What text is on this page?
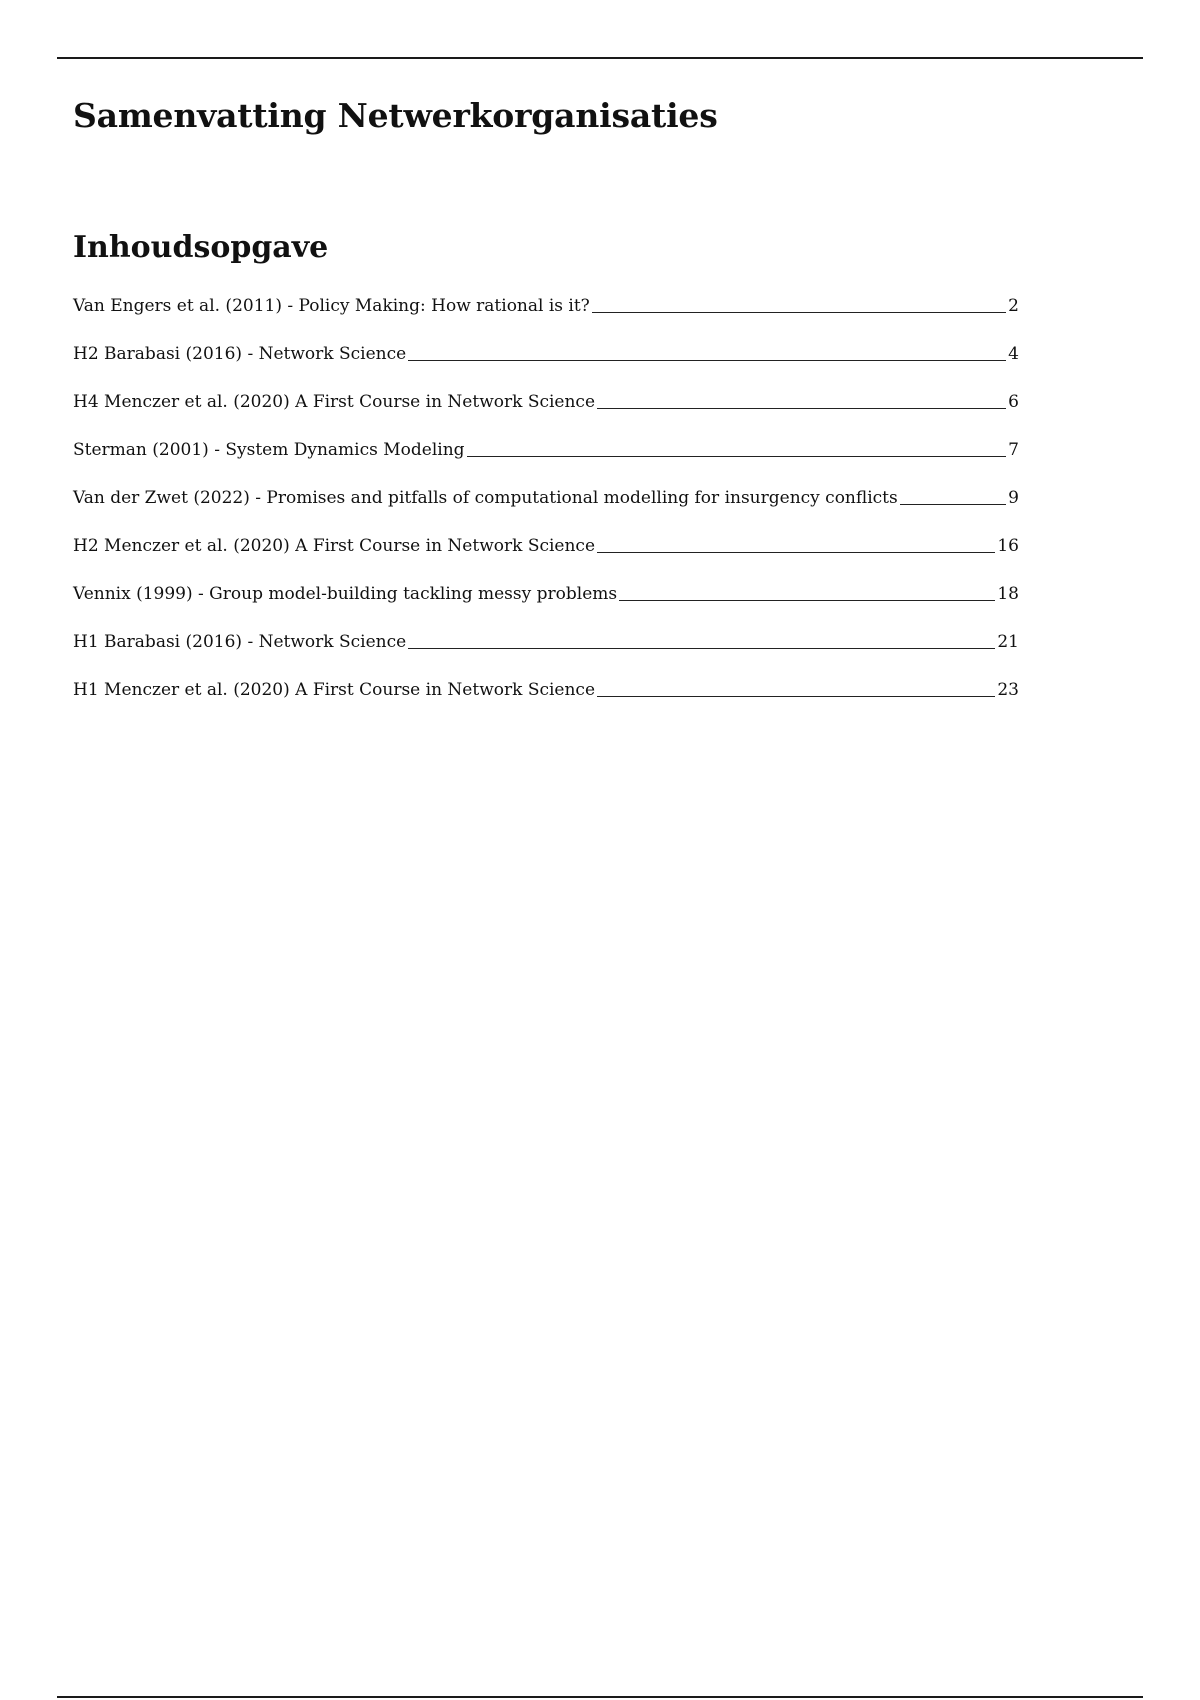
Samenvatting Netwerkorganisaties
Inhoudsopgave
Van Engers et al. (2011) - Policy Making: How rational is it?	2
H2 Barabasi (2016) - Network Science	4
H4 Menczer et al. (2020) A First Course in Network Science	6
Sterman (2001) - System Dynamics Modeling	7
Van der Zwet (2022) - Promises and pitfalls of computational modelling for insurgency conflicts	9
H2 Menczer et al. (2020) A First Course in Network Science	16
Vennix (1999) - Group model-building tackling messy problems	18
H1 Barabasi (2016) - Network Science	21
H1 Menczer et al. (2020) A First Course in Network Science	23
